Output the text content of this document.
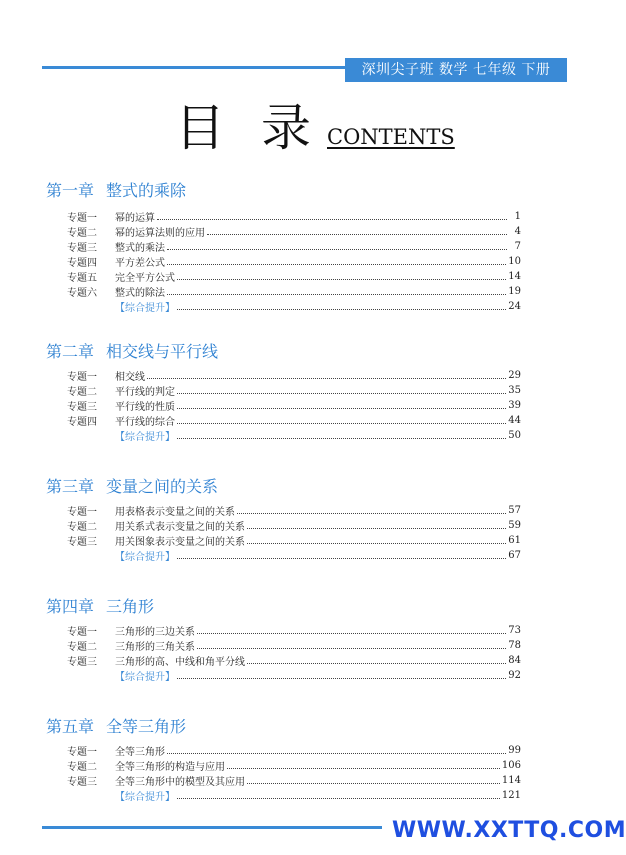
深圳尖子班 数学 七年级 下册
目 录 CONTENTS
第一章 整式的乘除
专题一	幂的运算	1
专题二	幂的运算法则的应用	4
专题三	整式的乘法	7
专题四	平方差公式	10
专题五	完全平方公式	14
专题六	整式的除法	19
【综合提升】	24
第二章 相交线与平行线
专题一	相交线	29
专题二	平行线的判定	35
专题三	平行线的性质	39
专题四	平行线的综合	44
【综合提升】	50
第三章 变量之间的关系
专题一	用表格表示变量之间的关系	57
专题二	用关系式表示变量之间的关系	59
专题三	用关图象表示变量之间的关系	61
【综合提升】	67
第四章 三角形
专题一	三角形的三边关系	73
专题二	三角形的三角关系	78
专题三	三角形的高、中线和角平分线	84
【综合提升】	92
第五章 全等三角形
专题一	全等三角形	99
专题二	全等三角形的构造与应用	106
专题三	全等三角形中的模型及其应用	114
【综合提升】	121
WWW.XXTTQ.COM
